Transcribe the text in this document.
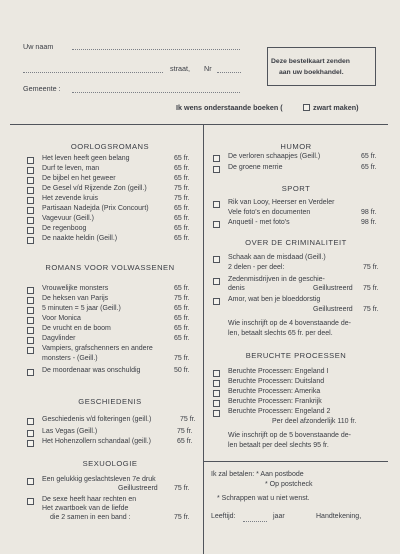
Uw naam
straat, Nr
Gemeente :
Deze bestelkaart zenden
aan uw boekhandel.
Ik wens onderstaande boeken (	zwart maken)
OORLOGSROMANS
Het leven heeft geen belang	65 fr.
Durf te leven, man	65 fr.
De bijbel en het geweer	65 fr.
De Gesel v/d Rijzende Zon (geill.)	75 fr.
Het zevende kruis	75 fr.
Partisaan Nadejda (Prix Concourt)	65 fr.
Vagevuur (Geill.)	65 fr.
De regenboog	65 fr.
De naakte heldin (Geill.)	65 fr.
ROMANS VOOR VOLWASSENEN
Vrouwelijke monsters	65 fr.
De heksen van Parijs	75 fr.
5 minuten = 5 jaar (Geill.)	65 fr.
Voor Monica	65 fr.
De vrucht en de boom	65 fr.
Dagvlinder	65 fr.
Vampiers, grafschenners en andere
monsters - (Geill.)	75 fr.
De moordenaar was onschuldig	50 fr.
GESCHIEDENIS
Geschiedenis v/d folteringen (geill.)	75 fr.
Las Vegas (Geill.)	75 fr.
Het Hohenzollern schandaal (geill.)	65 fr.
SEXUOLOGIE
Een gelukkig geslachtsleven 7e druk
Geillustreerd 75 fr.
De sexe heeft haar rechten en
Het zwartboek van de liefde
die 2 samen in een band :	75 fr.
HUMOR
De verloren schaapjes (Geill.)	65 fr.
De groene merrie	65 fr.
SPORT
Rik van Looy, Heerser en Verdeler
Vele foto's en documenten	98 fr.
Anquetil - met foto's	98 fr.
OVER DE CRIMINALITEIT
Schaak aan de misdaad (Geill.)
2 delen - per deel:	75 fr.
Zedenmisdrijven in de geschie-
denis	Geillustreerd 75 fr.
Amor, wat ben je bloeddorstig
Geillustreerd 75 fr.
Wie inschrijft op de 4 bovenstaande de-
len, betaalt slechts 65 fr. per deel.
BERUCHTE PROCESSEN
Beruchte Processen: Engeland I
Beruchte Processen: Duitsland
Beruchte Processen: Amerika
Beruchte Processen: Frankrijk
Beruchte Processen: Engeland 2
Per deel afzonderlijk 110 fr.
Wie inschrijft op de 5 bovenstaande de-
len betaalt per deel slechts 95 fr.
Ik zal betalen: * Aan postbode
* Op postcheck
* Schrappen wat u niet wenst.
Leeftijd:	jaar	Handtekening,
